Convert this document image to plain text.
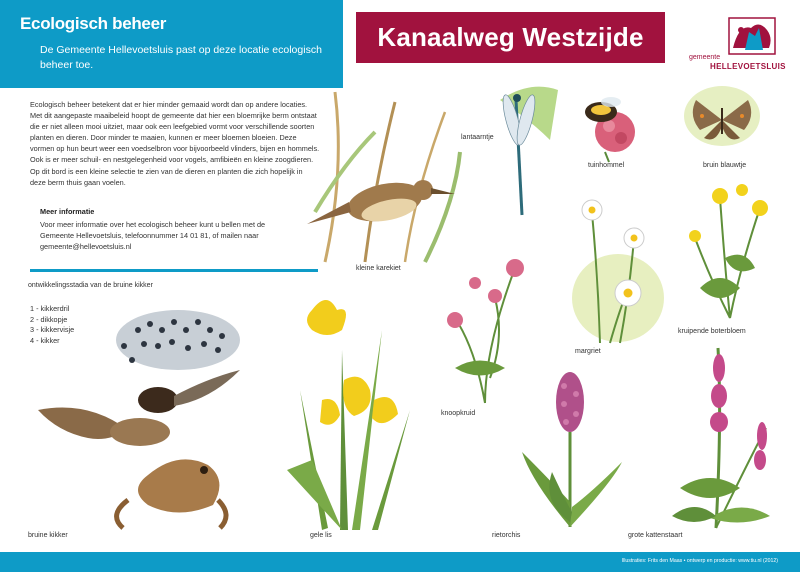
Ecologisch beheer
De Gemeente Hellevoetsluis past op deze locatie ecologisch beheer toe.
Kanaalweg Westzijde
gemeente
HELLEVOETSLUIS
Ecologisch beheer betekent dat er hier minder gemaaid wordt dan op andere locaties. Met dit aangepaste maaibeleid hoopt de gemeente dat hier een bloemrijke berm ontstaat die er niet alleen mooi uitziet, maar ook een leefgebied vormt voor verschillende soorten planten en dieren. Door minder te maaien, kunnen er meer bloemen bloeien. Deze vormen op hun beurt weer een voedselbron voor bijvoorbeeld vlinders, bijen en hommels. Ook is er meer schuil- en nestgelegenheid voor vogels, amfibieën en kleine zoogdieren. Op dit bord is een kleine selectie te zien van de dieren en planten die zich hopelijk in deze berm thuis gaan voelen.
Meer informatie
Voor meer informatie over het ecologisch beheer kunt u bellen met de Gemeente Hellevoetsluis, telefoonnummer 14 01 81, of mailen naar gemeente@hellevoetsluis.nl
ontwikkelingsstadia van de bruine kikker
1 - kikkerdril
2 - dikkopje
3 - kikkervisje
4 - kikker
lantaarntje
kleine karekiet
tuinhommel	bruin blauwtje
kruipende boterbloem
margriet
knoopkruid
bruine kikker	gele lis	rietorchis	grote kattenstaart
Illustraties: Frits den Maas • ontwerp en productie: www.tiu.nl (2012)
